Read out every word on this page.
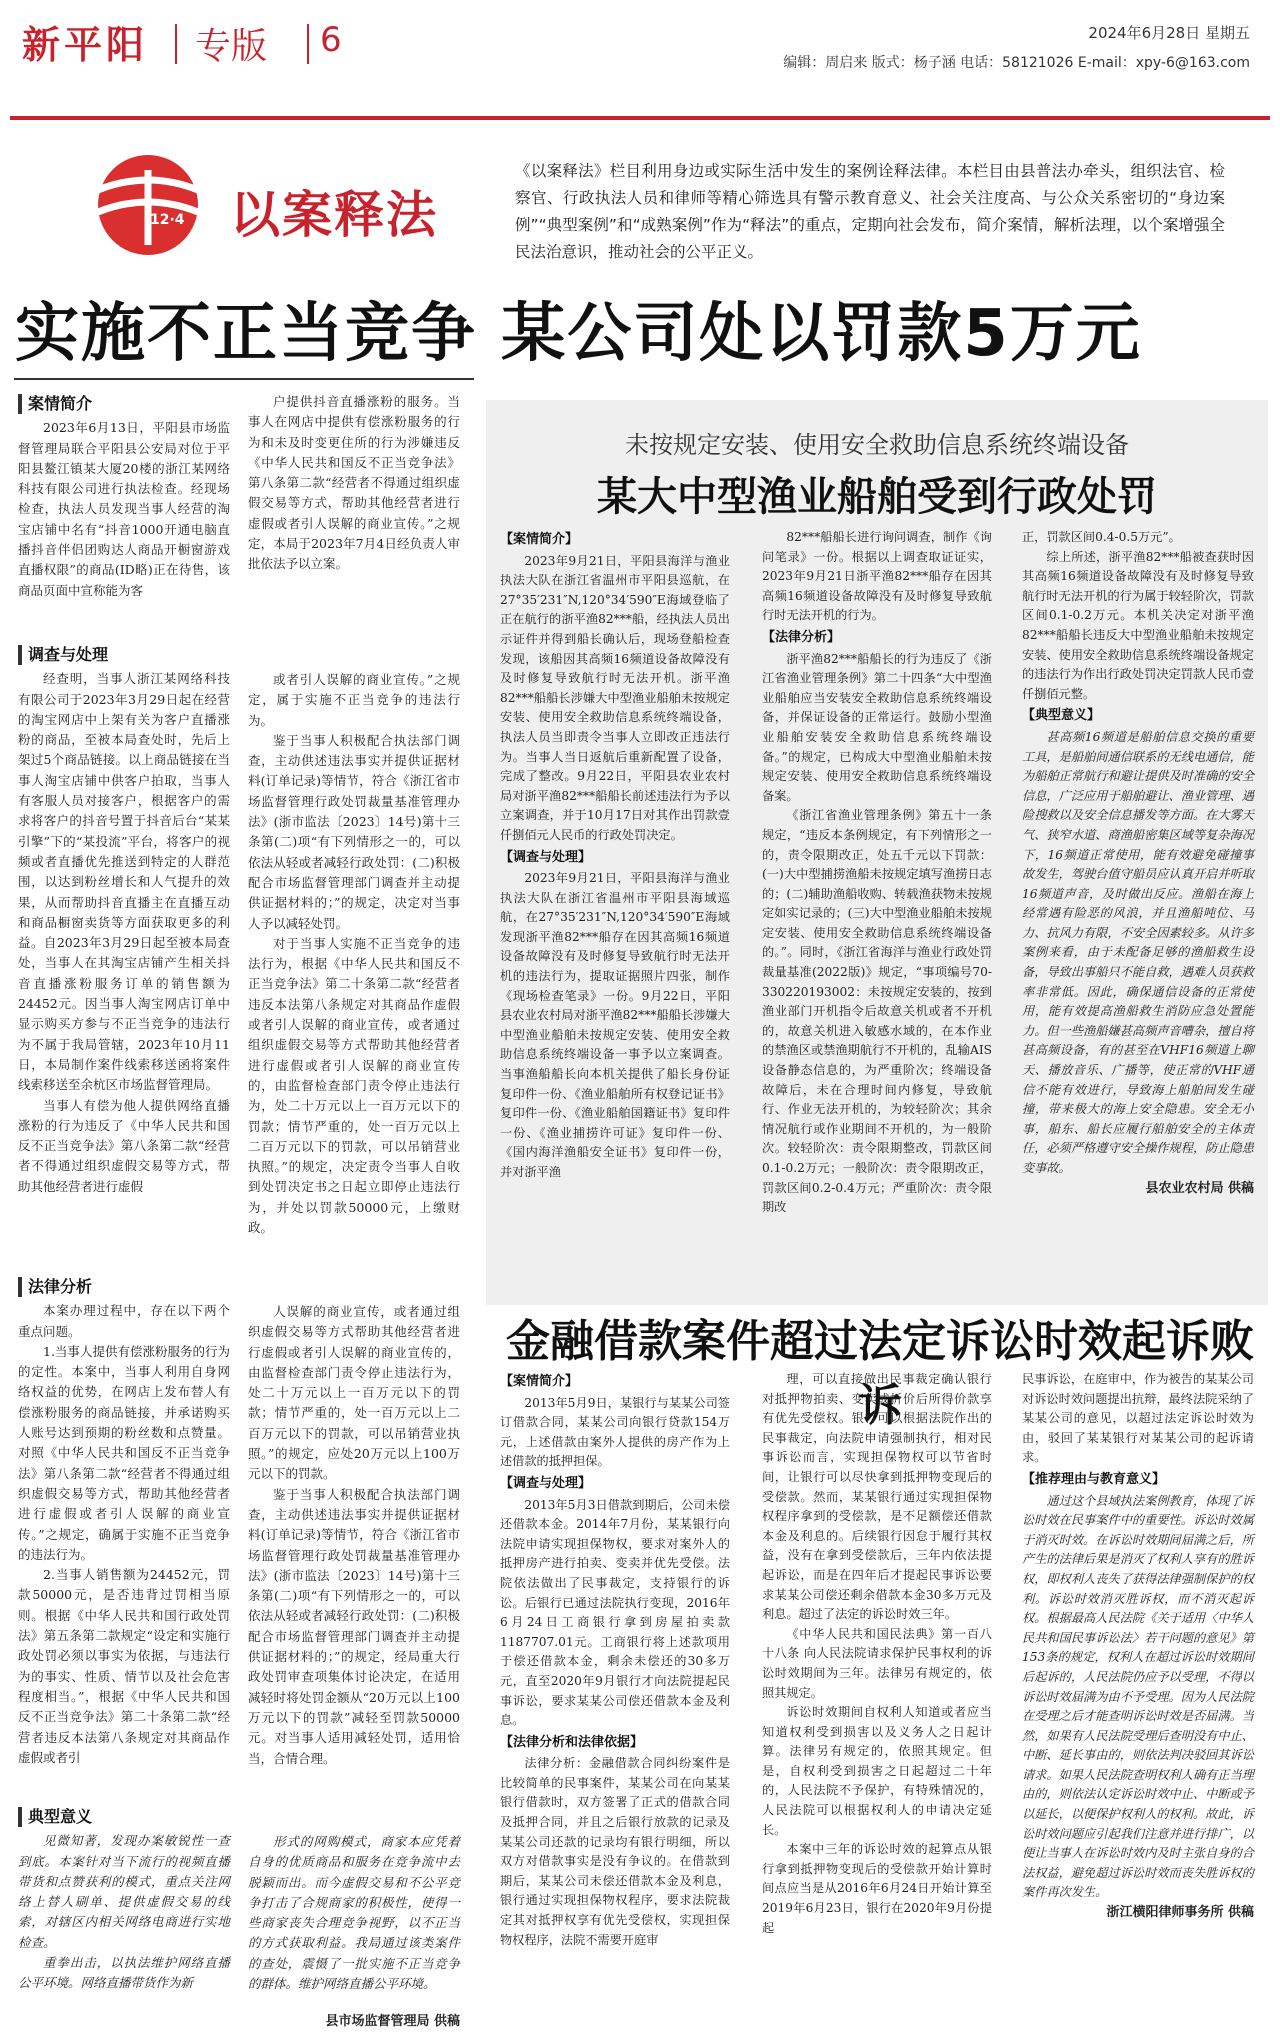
新平阳 专版 6	2024年6月28日 星期五
编辑：周启来 版式：杨子涵 电话：58121026 E-mail：xpy-6@163.com
12·4 以案释法
《以案释法》栏目利用身边或实际生活中发生的案例诠释法律。本栏目由县普法办牵头，组织法官、检察官、行政执法人员和律师等精心筛选具有警示教育意义、社会关注度高、与公众关系密切的“身边案例”“典型案例”和“成熟案例”作为“释法”的重点，定期向社会发布，简介案情，解析法理，以个案增强全民法治意识，推动社会的公平正义。
实施不正当竞争 某公司处以罚款5万元
案情简介

2023年6月13日，平阳县市场监督管理局联合平阳县公安局对位于平阳县鳌江镇某大厦20楼的浙江某网络科技有限公司进行执法检查。经现场检查，执法人员发现当事人经营的淘宝店铺中名有“抖音1000开通电脑直播抖音伴侣团购达人商品开橱窗游戏直播权限”的商品(ID略)正在待售，该商品页面中宣称能为客

户提供抖音直播涨粉的服务。当事人在网店中提供有偿涨粉服务的行为和未及时变更住所的行为涉嫌违反《中华人民共和国反不正当竞争法》第八条第二款“经营者不得通过组织虚假交易等方式，帮助其他经营者进行虚假或者引人误解的商业宣传。”之规定，本局于2023年7月4日经负责人审批依法予以立案。

调查与处理

经查明，当事人浙江某网络科技有限公司于2023年3月29日起在经营的淘宝网店中上架有关为客户直播涨粉的商品，至被本局查处时，先后上架过5个商品链接。以上商品链接在当事人淘宝店铺中供客户拍取，当事人有客服人员对接客户，根据客户的需求将客户的抖音号置于抖音后台“某某引擎”下的“某投流”平台，将客户的视频或者直播优先推送到特定的人群范围，以达到粉丝增长和人气提升的效果，从而帮助抖音直播主在直播互动和商品橱窗卖货等方面获取更多的利益。自2023年3月29日起至被本局查处，当事人在其淘宝店铺产生相关抖音直播涨粉服务订单的销售额为24452元。因当事人淘宝网店订单中显示购买方参与不正当竞争的违法行为不属于我局管辖，2023年10月11日，本局制作案件线索移送函将案件线索移送至余杭区市场监督管理局。

当事人有偿为他人提供网络直播涨粉的行为违反了《中华人民共和国反不正当竞争法》第八条第二款“经营者不得通过组织虚假交易等方式，帮助其他经营者进行虚假

或者引人误解的商业宣传。”之规定，属于实施不正当竞争的违法行为。

鉴于当事人积极配合执法部门调查，主动供述违法事实并提供证据材料(订单记录)等情节，符合《浙江省市场监督管理行政处罚裁量基准管理办法》(浙市监法〔2023〕14号)第十三条第(二)项“有下列情形之一的，可以依法从轻或者减轻行政处罚：(二)积极配合市场监督管理部门调查并主动提供证据材料的；”的规定，决定对当事人予以减轻处罚。

对于当事人实施不正当竞争的违法行为，根据《中华人民共和国反不正当竞争法》第二十条第二款“经营者违反本法第八条规定对其商品作虚假或者引人误解的商业宣传，或者通过组织虚假交易等方式帮助其他经营者进行虚假或者引人误解的商业宣传的，由监督检查部门责令停止违法行为，处二十万元以上一百万元以下的罚款；情节严重的，处一百万元以上二百万元以下的罚款，可以吊销营业执照。”的规定，决定责令当事人自收到处罚决定书之日起立即停止违法行为，并处以罚款50000元，上缴财政。

法律分析

本案办理过程中，存在以下两个重点问题。

1.当事人提供有偿涨粉服务的行为的定性。本案中，当事人利用自身网络权益的优势，在网店上发布替人有偿涨粉服务的商品链接，并承诺购买人账号达到预期的粉丝数和点赞量。对照《中华人民共和国反不正当竞争法》第八条第二款“经营者不得通过组织虚假交易等方式，帮助其他经营者进行虚假或者引人误解的商业宣传。”之规定，确属于实施不正当竞争的违法行为。

2.当事人销售额为24452元，罚款50000元，是否违背过罚相当原则。根据《中华人民共和国行政处罚法》第五条第二款规定“设定和实施行政处罚必须以事实为依据，与违法行为的事实、性质、情节以及社会危害程度相当。”，根据《中华人民共和国反不正当竞争法》第二十条第二款“经营者违反本法第八条规定对其商品作虚假或者引

人误解的商业宣传，或者通过组织虚假交易等方式帮助其他经营者进行虚假或者引人误解的商业宣传的，由监督检查部门责令停止违法行为，处二十万元以上一百万元以下的罚款；情节严重的，处一百万元以上二百万元以下的罚款，可以吊销营业执照。”的规定，应处20万元以上100万元以下的罚款。

鉴于当事人积极配合执法部门调查，主动供述违法事实并提供证据材料(订单记录)等情节，符合《浙江省市场监督管理行政处罚裁量基准管理办法》(浙市监法〔2023〕14号)第十三条第(二)项“有下列情形之一的，可以依法从轻或者减轻行政处罚：(二)积极配合市场监督管理部门调查并主动提供证据材料的；”的规定，经局重大行政处罚审查项集体讨论决定，在适用减轻时将处罚金额从“20万元以上100万元以下的罚款”减轻至罚款50000元。对当事人适用减轻处罚，适用恰当，合情合理。

典型意义

见微知著，发现办案敏锐性一查到底。本案针对当下流行的视频直播带货和点赞获利的模式，重点关注网络上替人刷单、提供虚假交易的线索，对辖区内相关网络电商进行实地检查。

重拳出击，以执法维护网络直播公平环境。网络直播带货作为新

形式的网购模式，商家本应凭着自身的优质商品和服务在竞争流中去脱颖而出。而今虚假交易和不公平竞争打击了合规商家的积极性，使得一些商家丧失合理竞争视野，以不正当的方式获取利益。我局通过该类案件的查处，震慑了一批实施不正当竞争的群体。维护网络直播公平环境。

县市场监督管理局 供稿
未按规定安装、使用安全救助信息系统终端设备
某大中型渔业船舶受到行政处罚
【案情简介】

2023年9月21日，平阳县海洋与渔业执法大队在浙江省温州市平阳县巡航，在27°35′231″N,120°34′590″E海域登临了正在航行的浙平渔82***船，经执法人员出示证件并得到船长确认后，现场登船检查发现，该船因其高频16频道设备故障没有及时修复导致航行时无法开机。浙平渔82***船船长涉嫌大中型渔业船舶未按规定安装、使用安全救助信息系统终端设备，执法人员当即责令当事人立即改正违法行为。当事人当日返航后重新配置了设备，完成了整改。9月22日，平阳县农业农村局对浙平渔82***船船长前述违法行为予以立案调查，并于10月17日对其作出罚款壹仟捌佰元人民币的行政处罚决定。

【调查与处理】

2023年9月21日，平阳县海洋与渔业执法大队在浙江省温州市平阳县海域巡航，在27°35′231″N,120°34′590″E海域发现浙平渔82***船存在因其高频16频道设备故障没有及时修复导致航行时无法开机的违法行为，提取证据照片四张，制作《现场检查笔录》一份。9月22日，平阳县农业农村局对浙平渔82***船船长涉嫌大中型渔业船舶未按规定安装、使用安全救助信息系统终端设备一事予以立案调查。当事渔船船长向本机关提供了船长身份证复印件一份、《渔业船舶所有权登记证书》复印件一份、《渔业船舶国籍证书》复印件一份、《渔业捕捞许可证》复印件一份、《国内海洋渔船安全证书》复印件一份，并对浙平渔

82***船船长进行询问调查，制作《询问笔录》一份。根据以上调查取证证实，2023年9月21日浙平渔82***船存在因其高频16频道设备故障没有及时修复导致航行时无法开机的行为。

【法律分析】

浙平渔82***船船长的行为违反了《浙江省渔业管理条例》第二十四条“大中型渔业船舶应当安装安全救助信息系统终端设备，并保证设备的正常运行。鼓励小型渔业船舶安装安全救助信息系统终端设备。”的规定，已构成大中型渔业船舶未按规定安装、使用安全救助信息系统终端设备案。

《浙江省渔业管理条例》第五十一条规定，“违反本条例规定，有下列情形之一的，责令限期改正，处五千元以下罚款：(一)大中型捕捞渔船未按规定填写渔捞日志的；(二)辅助渔船收购、转载渔获物未按规定如实记录的；(三)大中型渔业船舶未按规定安装、使用安全救助信息系统终端设备的。”。同时，《浙江省海洋与渔业行政处罚裁量基准(2022版)》规定，“事项编号70-330220193002：未按规定安装的，按到渔业部门开机指令后故意关机或者不开机的，故意关机进入敏感水域的，在本作业的禁渔区或禁渔期航行不开机的，乱输AIS设备静态信息的，为严重阶次；终端设备故障后，未在合理时间内修复，导致航行、作业无法开机的，为较轻阶次；其余情况航行或作业期间不开机的，为一般阶次。较轻阶次：责令限期整改，罚款区间0.1-0.2万元；一般阶次：责令限期改正，罚款区间0.2-0.4万元；严重阶次：责令限期改

正，罚款区间0.4-0.5万元”。

综上所述，浙平渔82***船被查获时因其高频16频道设备故障没有及时修复导致航行时无法开机的行为属于较轻阶次，罚款区间0.1-0.2万元。本机关决定对浙平渔82***船船长违反大中型渔业船舶未按规定安装、使用安全救助信息系统终端设备规定的违法行为作出行政处罚决定罚款人民币壹仟捌佰元整。

【典型意义】

甚高频16频道是船舶信息交换的重要工具，是船舶间通信联系的无线电通信，能为船舶正常航行和避让提供及时准确的安全信息，广泛应用于船舶避让、渔业管理、遇险搜救以及安全信息播发等方面。在大雾天气、狭窄水道、商渔船密集区域等复杂海况下，16频道正常使用，能有效避免碰撞事故发生，驾驶台值守船员应认真开启并听取16频道声音，及时做出反应。渔船在海上经常遇有险恶的风浪，并且渔船吨位、马力、抗风力有限，不安全因素较多。从许多案例来看，由于未配备足够的渔船救生设备，导致出事船只不能自救，遇难人员获救率非常低。因此，确保通信设备的正常使用，能有效提高渔船救生消防应急处置能力。但一些渔船嫌甚高频声音嘈杂，擅自将甚高频设备，有的甚至在VHF16频道上聊天、播放音乐、广播等，使正常的VHF通信不能有效进行，导致海上船舶间发生碰撞，带来极大的海上安全隐患。安全无小事，船东、船长应履行船舶安全的主体责任，必须严格遵守安全操作规程，防止隐患变事故。

县农业农村局 供稿
金融借款案件超过法定诉讼时效起诉败诉
【案情简介】

2013年5月9日，某银行与某某公司签订借款合同，某某公司向银行贷款154万元，上述借款由案外人提供的房产作为上述借款的抵押担保。

【调查与处理】

2013年5月3日借款到期后，公司未偿还借款本金。2014年7月份，某某银行向法院申请实现担保物权，要求对案外人的抵押房产进行拍卖、变卖并优先受偿。法院依法做出了民事裁定，支持银行的诉讼。后银行已通过法院执行变现，2016年6月24日工商银行拿到房屋拍卖款1187707.01元。工商银行将上述款项用于偿还借款本金，剩余未偿还的30多万元，直至2020年9月银行才向法院提起民事诉讼，要求某某公司偿还借款本金及利息。

【法律分析和法律依据】

法律分析：金融借款合同纠纷案件是比较简单的民事案件，某某公司在向某某银行借款时，双方签署了正式的借款合同及抵押合同，并且之后银行放款的记录及某某公司还款的记录均有银行明细，所以双方对借款事实是没有争议的。在借款到期后，某某公司未偿还借款本金及利息，银行通过实现担保物权程序，要求法院裁定其对抵押权享有优先受偿权，实现担保物权程序，法院不需要开庭审

理，可以直接做出民事裁定确认银行对抵押物拍卖、变卖或折价后所得价款享有优先受偿权。银行可以根据法院作出的民事裁定，向法院申请强制执行，相对民事诉讼而言，实现担保物权可以节省时间，让银行可以尽快拿到抵押物变现后的受偿款。然而，某某银行通过实现担保物权程序拿到的受偿款，是不足额偿还借款本金及利息的。后续银行因怠于履行其权益，没有在拿到受偿款后，三年内依法提起诉讼，而是在四年后才提起民事诉讼要求某某公司偿还剩余借款本金30多万元及利息。超过了法定的诉讼时效三年。

《中华人民共和国民法典》第一百八十八条 向人民法院请求保护民事权利的诉讼时效期间为三年。法律另有规定的，依照其规定。

诉讼时效期间自权利人知道或者应当知道权利受到损害以及义务人之日起计算。法律另有规定的，依照其规定。但是，自权利受到损害之日起超过二十年的，人民法院不予保护，有特殊情况的，人民法院可以根据权利人的申请决定延长。

本案中三年的诉讼时效的起算点从银行拿到抵押物变现后的受偿款开始计算时间点应当是从2016年6月24日开始计算至2019年6月23日，银行在2020年9月份提起

民事诉讼，在庭审中，作为被告的某某公司对诉讼时效问题提出抗辩，最终法院采纳了某某公司的意见，以超过法定诉讼时效为由，驳回了某某银行对某某公司的起诉请求。

【推荐理由与教育意义】

通过这个县域执法案例教育，体现了诉讼时效在民事案件中的重要性。诉讼时效属于消灭时效。在诉讼时效期间届满之后，所产生的法律后果是消灭了权利人享有的胜诉权，即权利人丧失了获得法律强制保护的权利。诉讼时效消灭胜诉权，而不消灭起诉权。根据最高人民法院《关于适用〈中华人民共和国民事诉讼法〉若干问题的意见》第153条的规定，权利人在超过诉讼时效期间后起诉的，人民法院仍应予以受理，不得以诉讼时效届满为由不予受理。因为人民法院在受理之后才能查明诉讼时效是否届满。当然，如果有人民法院受理后查明没有中止、中断、延长事由的，则依法判决驳回其诉讼请求。如果人民法院查明权利人确有正当理由的，则依法认定诉讼时效中止、中断或予以延长，以便保护权利人的权利。故此，诉讼时效问题应引起我们注意并进行排广，以便让当事人在诉讼时效内及时主张自身的合法权益，避免超过诉讼时效而丧失胜诉权的案件再次发生。

浙江横阳律师事务所 供稿
